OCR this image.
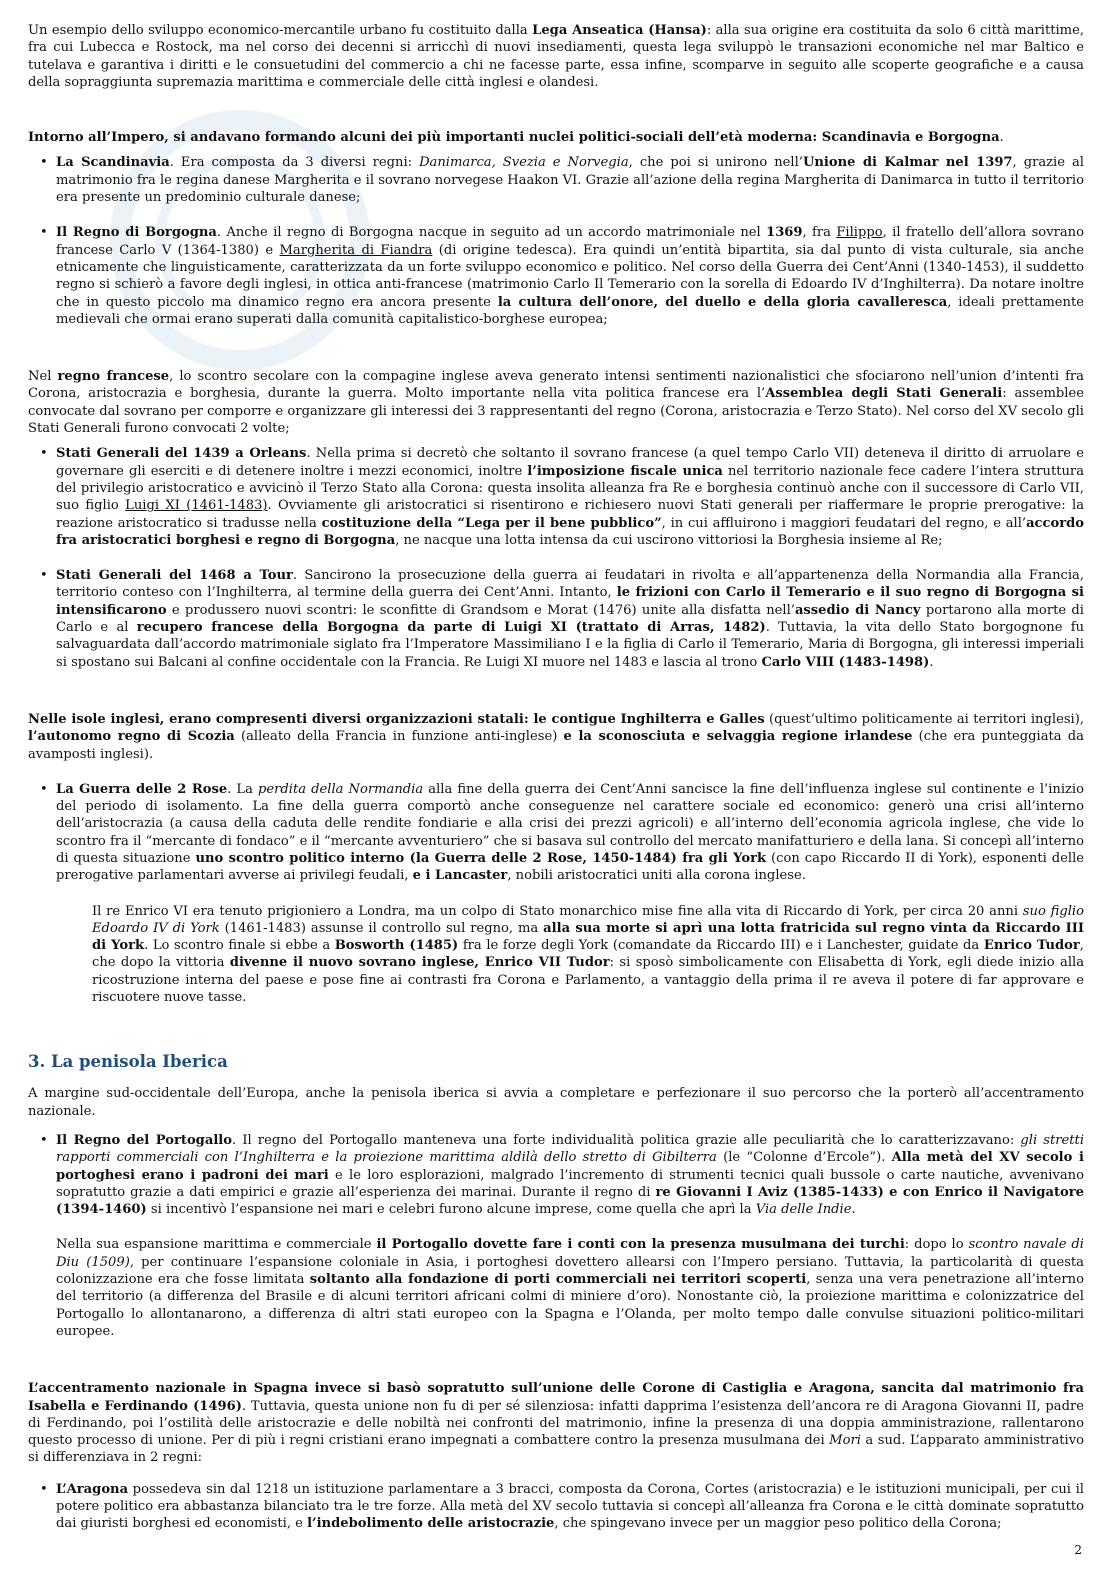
Un esempio dello sviluppo economico-mercantile urbano fu costituito dalla Lega Anseatica (Hansa): alla sua origine era costituita da solo 6 città marittime, fra cui Lubecca e Rostock, ma nel corso dei decenni si arricchì di nuovi insediamenti, questa lega sviluppò le transazioni economiche nel mar Baltico e tutelava e garantiva i diritti e le consuetudini del commercio a chi ne facesse parte, essa infine, scomparve in seguito alle scoperte geografiche e a causa della sopraggiunta supremazia marittima e commerciale delle città inglesi e olandesi.

Intorno all’Impero, si andavano formando alcuni dei più importanti nuclei politici-sociali dell’età moderna: Scandinavia e Borgogna.

• La Scandinavia. Era composta da 3 diversi regni: Danimarca, Svezia e Norvegia, che poi si unirono nell’Unione di Kalmar nel 1397, grazie al matrimonio fra le regina danese Margherita e il sovrano norvegese Haakon VI. Grazie all’azione della regina Margherita di Danimarca in tutto il territorio era presente un predominio culturale danese;

• Il Regno di Borgogna. Anche il regno di Borgogna nacque in seguito ad un accordo matrimoniale nel 1369, fra Filippo, il fratello dell’allora sovrano francese Carlo V (1364-1380) e Margherita di Fiandra (di origine tedesca). Era quindi un’entità bipartita, sia dal punto di vista culturale, sia anche etnicamente che linguisticamente, caratterizzata da un forte sviluppo economico e politico. Nel corso della Guerra dei Cent’Anni (1340-1453), il suddetto regno si schierò a favore degli inglesi, in ottica anti-francese (matrimonio Carlo Il Temerario con la sorella di Edoardo IV d’Inghilterra). Da notare inoltre che in questo piccolo ma dinamico regno era ancora presente la cultura dell’onore, del duello e della gloria cavalleresca, ideali prettamente medievali che ormai erano superati dalla comunità capitalistico-borghese europea;

Nel regno francese, lo scontro secolare con la compagine inglese aveva generato intensi sentimenti nazionalistici che sfociarono nell’union d’intenti fra Corona, aristocrazia e borghesia, durante la guerra. Molto importante nella vita politica francese era l’Assemblea degli Stati Generali: assemblee convocate dal sovrano per comporre e organizzare gli interessi dei 3 rappresentanti del regno (Corona, aristocrazia e Terzo Stato). Nel corso del XV secolo gli Stati Generali furono convocati 2 volte;

• Stati Generali del 1439 a Orleans. Nella prima si decretò che soltanto il sovrano francese (a quel tempo Carlo VII) deteneva il diritto di arruolare e governare gli eserciti e di detenere inoltre i mezzi economici, inoltre l’imposizione fiscale unica nel territorio nazionale fece cadere l’intera struttura del privilegio aristocratico e avvicinò il Terzo Stato alla Corona: questa insolita alleanza fra Re e borghesia continuò anche con il successore di Carlo VII, suo figlio Luigi XI (1461-1483). Ovviamente gli aristocratici si risentirono e richiesero nuovi Stati generali per riaffermare le proprie prerogative: la reazione aristocratico si tradusse nella costituzione della “Lega per il bene pubblico”, in cui affluirono i maggiori feudatari del regno, e all’accordo fra aristocratici borghesi e regno di Borgogna, ne nacque una lotta intensa da cui uscirono vittoriosi la Borghesia insieme al Re;

• Stati Generali del 1468 a Tour. Sancirono la prosecuzione della guerra ai feudatari in rivolta e all’appartenenza della Normandia alla Francia, territorio conteso con l’Inghilterra, al termine della guerra dei Cent’Anni. Intanto, le frizioni con Carlo il Temerario e il suo regno di Borgogna si intensificarono e produssero nuovi scontri: le sconfitte di Grandsom e Morat (1476) unite alla disfatta nell’assedio di Nancy portarono alla morte di Carlo e al recupero francese della Borgogna da parte di Luigi XI (trattato di Arras, 1482). Tuttavia, la vita dello Stato borgognone fu salvaguardata dall’accordo matrimoniale siglato fra l’Imperatore Massimiliano I e la figlia di Carlo il Temerario, Maria di Borgogna, gli interessi imperiali si spostano sui Balcani al confine occidentale con la Francia. Re Luigi XI muore nel 1483 e lascia al trono Carlo VIII (1483-1498).

Nelle isole inglesi, erano compresenti diversi organizzazioni statali: le contigue Inghilterra e Galles (quest’ultimo politicamente ai territori inglesi), l’autonomo regno di Scozia (alleato della Francia in funzione anti-inglese) e la sconosciuta e selvaggia regione irlandese (che era punteggiata da avamposti inglesi).

• La Guerra delle 2 Rose. La perdita della Normandia alla fine della guerra dei Cent’Anni sancisce la fine dell’influenza inglese sul continente e l’inizio del periodo di isolamento. La fine della guerra comportò anche conseguenze nel carattere sociale ed economico: generò una crisi all’interno dell’aristocrazia (a causa della caduta delle rendite fondiarie e alla crisi dei prezzi agricoli) e all’interno dell’economia agricola inglese, che vide lo scontro fra il “mercante di fondaco” e il “mercante avventuriero” che si basava sul controllo del mercato manifatturiero e della lana. Si concepì all’interno di questa situazione uno scontro politico interno (la Guerra delle 2 Rose, 1450-1484) fra gli York (con capo Riccardo II di York), esponenti delle prerogative parlamentari avverse ai privilegi feudali, e i Lancaster, nobili aristocratici uniti alla corona inglese.

Il re Enrico VI era tenuto prigioniero a Londra, ma un colpo di Stato monarchico mise fine alla vita di Riccardo di York, per circa 20 anni suo figlio Edoardo IV di York (1461-1483) assunse il controllo sul regno, ma alla sua morte si aprì una lotta fratricida sul regno vinta da Riccardo III di York. Lo scontro finale si ebbe a Bosworth (1485) fra le forze degli York (comandate da Riccardo III) e i Lanchester, guidate da Enrico Tudor, che dopo la vittoria divenne il nuovo sovrano inglese, Enrico VII Tudor: si sposò simbolicamente con Elisabetta di York, egli diede inizio alla ricostruzione interna del paese e pose fine ai contrasti fra Corona e Parlamento, a vantaggio della prima il re aveva il potere di far approvare e riscuotere nuove tasse.

3. La penisola Iberica

A margine sud-occidentale dell’Europa, anche la penisola iberica si avvia a completare e perfezionare il suo percorso che la porterò all’accentramento nazionale.

• Il Regno del Portogallo. Il regno del Portogallo manteneva una forte individualità politica grazie alle peculiarità che lo caratterizzavano: gli stretti rapporti commerciali con l’Inghilterra e la proiezione marittima aldilà dello stretto di Gibilterra (le “Colonne d’Ercole”). Alla metà del XV secolo i portoghesi erano i padroni dei mari e le loro esplorazioni, malgrado l’incremento di strumenti tecnici quali bussole o carte nautiche, avvenivano sopratutto grazie a dati empirici e grazie all’esperienza dei marinai. Durante il regno di re Giovanni I Aviz (1385-1433) e con Enrico il Navigatore (1394-1460) si incentivò l’espansione nei mari e celebri furono alcune imprese, come quella che aprì la Via delle Indie.

Nella sua espansione marittima e commerciale il Portogallo dovette fare i conti con la presenza musulmana dei turchi: dopo lo scontro navale di Diu (1509), per continuare l’espansione coloniale in Asia, i portoghesi dovettero allearsi con l’Impero persiano. Tuttavia, la particolarità di questa colonizzazione era che fosse limitata soltanto alla fondazione di porti commerciali nei territori scoperti, senza una vera penetrazione all’interno del territorio (a differenza del Brasile e di alcuni territori africani colmi di miniere d’oro). Nonostante ciò, la proiezione marittima e colonizzatrice del Portogallo lo allontanarono, a differenza di altri stati europeo con la Spagna e l’Olanda, per molto tempo dalle convulse situazioni politico-militari europee.

L’accentramento nazionale in Spagna invece si basò sopratutto sull’unione delle Corone di Castiglia e Aragona, sancita dal matrimonio fra Isabella e Ferdinando (1496). Tuttavia, questa unione non fu di per sé silenziosa: infatti dapprima l’esistenza dell’ancora re di Aragona Giovanni II, padre di Ferdinando, poi l’ostilità delle aristocrazie e delle nobiltà nei confronti del matrimonio, infine la presenza di una doppia amministrazione, rallentarono questo processo di unione. Per di più i regni cristiani erano impegnati a combattere contro la presenza musulmana dei Mori a sud. L’apparato amministrativo si differenziava in 2 regni:

• L’Aragona possedeva sin dal 1218 un istituzione parlamentare a 3 bracci, composta da Corona, Cortes (aristocrazia) e le istituzioni municipali, per cui il potere politico era abbastanza bilanciato tra le tre forze. Alla metà del XV secolo tuttavia si concepì all’alleanza fra Corona e le città dominate sopratutto dai giuristi borghesi ed economisti, e l’indebolimento delle aristocrazie, che spingevano invece per un maggior peso politico della Corona;

2
